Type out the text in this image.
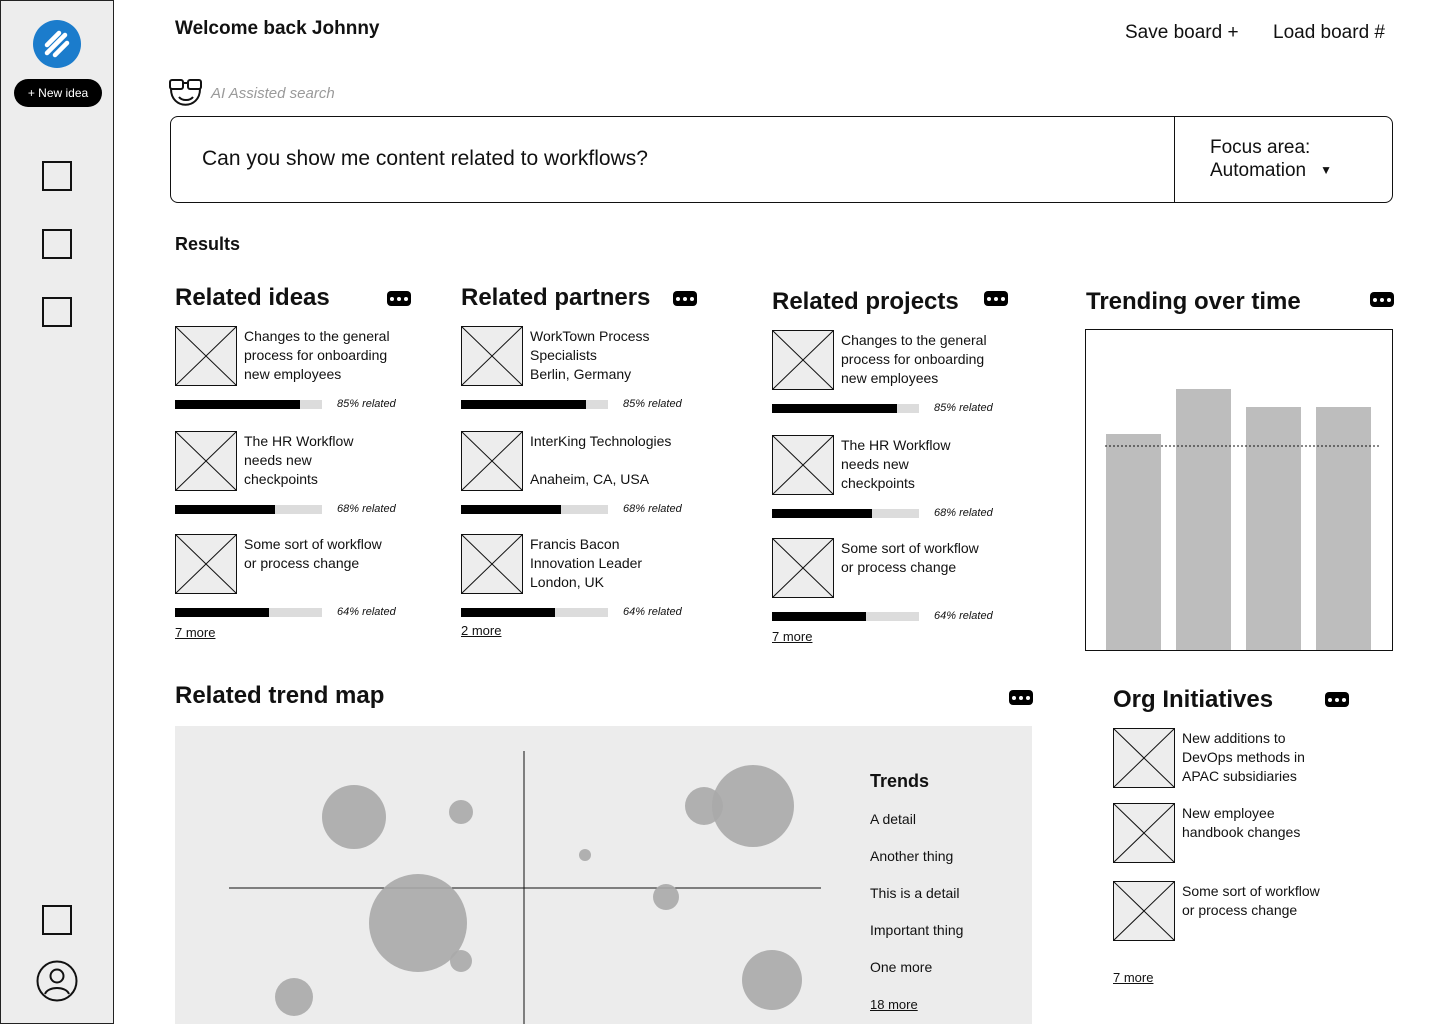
+ New idea
Welcome back Johnny	Save board + Load board #
AI Assisted search
Can you show me content related to workflows?	Focus area:
Automation ▼
Results
Related ideas
Changes to the general
process for onboarding
new employees
85% related
The HR Workflow
needs new
checkpoints
68% related
Some sort of workflow
or process change
64% related
7 more
Related partners
WorkTown Process
Specialists
Berlin, Germany
85% related
InterKing Technologies

Anaheim, CA, USA
68% related
Francis Bacon
Innovation Leader
London, UK
64% related
2 more
Related projects
Changes to the general
process for onboarding
new employees
85% related
The HR Workflow
needs new
checkpoints
68% related
Some sort of workflow
or process change
64% related
7 more
Trending over time
Related trend map
Trends
A detail
Another thing
This is a detail
Important thing
One more
18 more
Org Initiatives
New additions to
DevOps methods in
APAC subsidiaries
New employee
handbook changes
Some sort of workflow
or process change
7 more
